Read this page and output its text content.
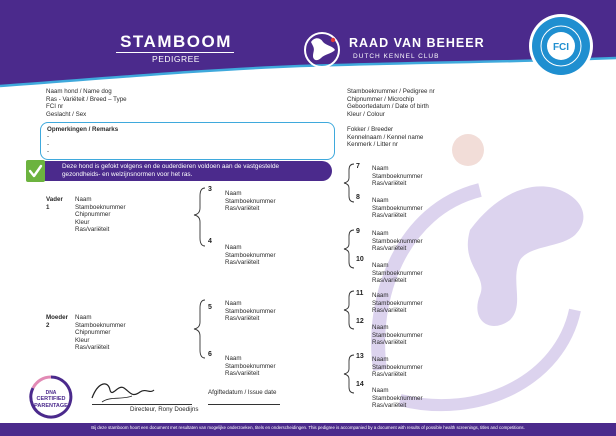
STAMBOOM
PEDIGREE
RAAD VAN BEHEER
DUTCH KENNEL CLUB
FCI
Naam hond / Name dog
Ras - Variëteit / Breed – Type
FCI nr
Geslacht / Sex
Stamboeknummer / Pedigree nr
Chipnummer / Microchip
Geboortedatum / Date of birth
Kleur / Colour
Opmerkingen / Remarks
-
-
-
Fokker / Breeder
Kennelnaam / Kennel name
Kenmerk / Litter nr
Deze hond is gefokt volgens en de ouderdieren voldoen aan de vastgestelde gezondheids- en welzijnsnormen voor het ras.
Vader
1
Naam
Stamboeknummer
Chipnummer
Kleur
Ras/variëteit
Moeder
2
Naam
Stamboeknummer
Chipnummer
Kleur
Ras/variëteit
3
Naam
Stamboeknummer
Ras/variëteit
4
Naam
Stamboeknummer
Ras/variëteit
5
Naam
Stamboeknummer
Ras/variëteit
6
Naam
Stamboeknummer
Ras/variëteit
7 Naam
Stamboeknummer
Ras/variëteit
8 Naam
Stamboeknummer
Ras/variëteit
9 Naam
Stamboeknummer
Ras/variëteit
10
Naam
Stamboeknummer
Ras/variëteit
11 Naam
Stamboeknummer
Ras/variëteit
12
Naam
Stamboeknummer
Ras/variëteit
13 Naam
Stamboeknummer
Ras/variëteit
14
Naam
Stamboeknummer
Ras/variëteit
DNA
CERTIFIED
PARENTAGE	Directeur, Rony Doedijns
Afgiftedatum / Issue date
Bij deze stamboom hoort een document met resultaten van mogelijke onderzoeken, titels en onderscheidingen. This pedigree is accompanied by a document with results of possible health screenings, titles and competitions.
